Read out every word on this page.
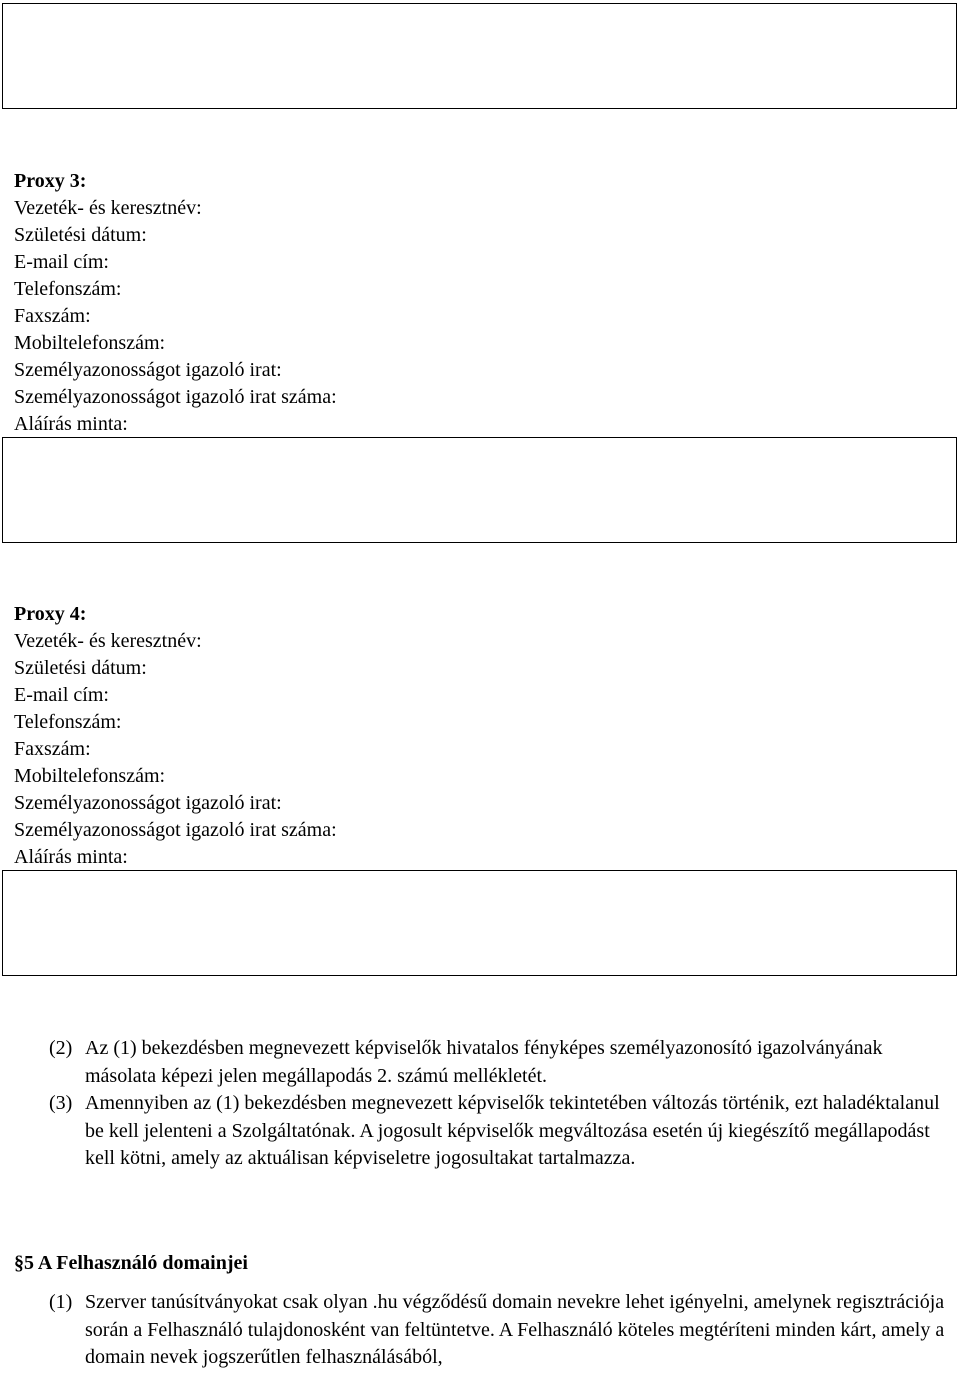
Proxy 3:
Vezeték- és keresztnév:
Születési dátum:
E-mail cím:
Telefonszám:
Faxszám:
Mobiltelefonszám:
Személyazonosságot igazoló irat:
Személyazonosságot igazoló irat száma:
Aláírás minta:
Proxy 4:
Vezeték- és keresztnév:
Születési dátum:
E-mail cím:
Telefonszám:
Faxszám:
Mobiltelefonszám:
Személyazonosságot igazoló irat:
Személyazonosságot igazoló irat száma:
Aláírás minta:
(2) Az (1) bekezdésben megnevezett képviselők hivatalos fényképes személyazonosító igazolványának másolata képezi jelen megállapodás 2. számú mellékletét.
(3) Amennyiben az (1) bekezdésben megnevezett képviselők tekintetében változás történik, ezt haladéktalanul be kell jelenteni a Szolgáltatónak. A jogosult képviselők megváltozása esetén új kiegészítő megállapodást kell kötni, amely az aktuálisan képviseletre jogosultakat tartalmazza.
§5 A Felhasználó domainjei
(1) Szerver tanúsítványokat csak olyan .hu végződésű domain nevekre lehet igényelni, amelynek regisztrációja során a Felhasználó tulajdonosként van feltüntetve. A Felhasználó köteles megtéríteni minden kárt, amely a domain nevek jogszerűtlen felhasználásából,
